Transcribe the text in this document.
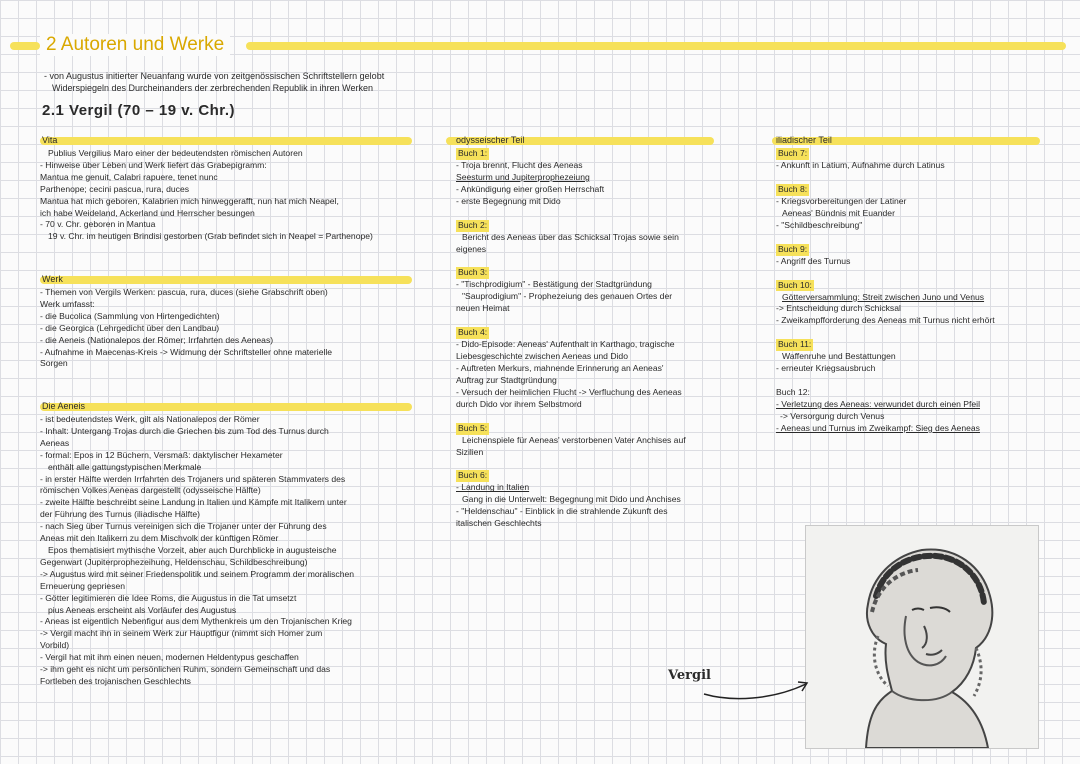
2 Autoren und Werke
- von Augustus initierter Neuanfang wurde von zeitgenössischen Schriftstellern gelobt
Widerspiegeln des Durcheinanders der zerbrechenden Republik in ihren Werken
2.1 Vergil (70 – 19 v. Chr.)
Vita
Publius Vergilius Maro einer der bedeutendsten römischen Autoren
- Hinweise über Leben und Werk liefert das Grabepigramm:
Mantua me genuit, Calabri rapuere, tenet nunc
Parthenope; cecini pascua, rura, duces
Mantua hat mich geboren, Kalabrien mich hinweggerafft, nun hat mich Neapel,
ich habe Weideland, Ackerland und Herrscher besungen
- 70 v. Chr. geboren in Mantua
19 v. Chr. im heutigen Brindisi gestorben (Grab befindet sich in Neapel = Parthenope)
Werk
- Themen von Vergils Werken: pascua, rura, duces (siehe Grabschrift oben)
Werk umfasst:
- die Bucolica (Sammlung von Hirtengedichten)
- die Georgica (Lehrgedicht über den Landbau)
- die Aeneis (Nationalepos der Römer; Irrfahrten des Aeneas)
- Aufnahme in Maecenas-Kreis -> Widmung der Schriftsteller ohne materielle
Sorgen
Die Aeneis
- ist bedeutendstes Werk, gilt als Nationalepos der Römer
- Inhalt: Untergang Trojas durch die Griechen bis zum Tod des Turnus durch
Aeneas
- formal: Epos in 12 Büchern, Versmaß: daktylischer Hexameter
enthält alle gattungstypischen Merkmale
- in erster Hälfte werden Irrfahrten des Trojaners und späteren Stammvaters des
römischen Volkes Aeneas dargestellt (odysseische Hälfte)
- zweite Hälfte beschreibt seine Landung in Italien und Kämpfe mit Italikern unter
der Führung des Turnus (iliadische Hälfte)
- nach Sieg über Turnus vereinigen sich die Trojaner unter der Führung des
Aneas mit den Italikern zu dem Mischvolk der künftigen Römer
Epos thematisiert mythische Vorzeit, aber auch Durchblicke in augusteische
Gegenwart (Jupiterprophezeihung, Heldenschau, Schildbeschreibung)
-> Augustus wird mit seiner Friedenspolitik und seinem Programm der moralischen
Erneuerung gepriesen
- Götter legitimieren die Idee Roms, die Augustus in die Tat umsetzt
pius Aeneas erscheint als Vorläufer des Augustus
- Aneas ist eigentlich Nebenfigur aus dem Mythenkreis um den Trojanischen Krieg
-> Vergil macht ihn in seinem Werk zur Hauptfigur (nimmt sich Homer zum
Vorbild)
- Vergil hat mit ihm einen neuen, modernen Heldentypus geschaffen
-> ihm geht es nicht um persönlichen Ruhm, sondern Gemeinschaft und das
Fortleben des trojanischen Geschlechts
odysseischer Teil
Buch 1:
- Troja brennt, Flucht des Aeneas
Seesturm und Jupiterprophezeiung
- Ankündigung einer großen Herrschaft
- erste Begegnung mit Dido
Buch 2:
Bericht des Aeneas über das Schicksal Trojas sowie sein
eigenes
Buch 3:
- "Tischprodigium" - Bestätigung der Stadtgründung
"Sauprodigium" - Prophezeiung des genauen Ortes der
neuen Heimat
Buch 4:
- Dido-Episode: Aeneas' Aufenthalt in Karthago, tragische
Liebesgeschichte zwischen Aeneas und Dido
- Auftreten Merkurs, mahnende Erinnerung an Aeneas'
Auftrag zur Stadtgründung
- Versuch der heimlichen Flucht -> Verfluchung des Aeneas
durch Dido vor ihrem Selbstmord
Buch 5:
Leichenspiele für Aeneas' verstorbenen Vater Anchises auf
Sizilien
Buch 6:
- Landung in Italien
Gang in die Unterwelt: Begegnung mit Dido und Anchises
- "Heldenschau" - Einblick in die strahlende Zukunft des
italischen Geschlechts
iliadischer Teil
Buch 7:
- Ankunft in Latium, Aufnahme durch Latinus
Buch 8:
- Kriegsvorbereitungen der Latiner
Aeneas' Bündnis mit Euander
- "Schildbeschreibung"
Buch 9:
- Angriff des Turnus
Buch 10:
Götterversammlung: Streit zwischen Juno und Venus
-> Entscheidung durch Schicksal
- Zweikampfforderung des Aeneas mit Turnus nicht erhört
Buch 11:
Waffenruhe und Bestattungen
- erneuter Kriegsausbruch
Buch 12:
- Verletzung des Aeneas: verwundet durch einen Pfeil
-> Versorgung durch Venus
- Aeneas und Turnus im Zweikampf: Sieg des Aeneas
Vergil
